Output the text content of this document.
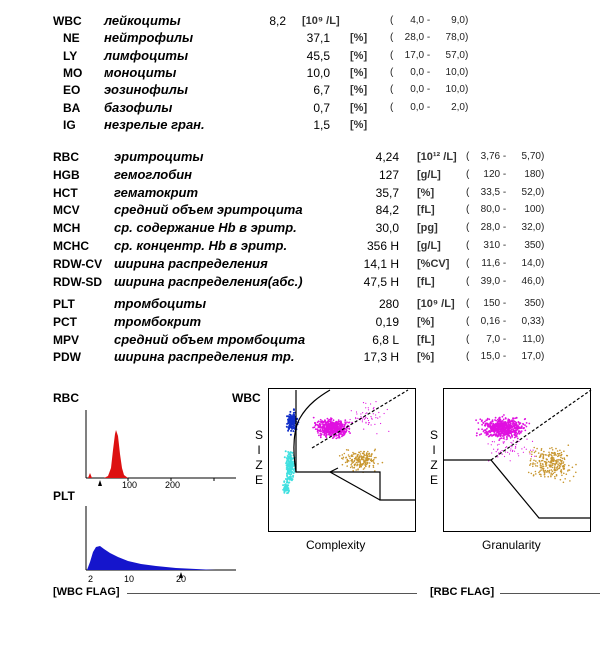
WBC лейкоциты	8,2 [10⁹ /L]	( 4,0 - 9,0)
NE нейтрофилы	37,1 [%] ( 28,0 - 78,0)
LY лимфоциты	45,5 [%] ( 17,0 - 57,0)
MO моноциты	10,0 [%] ( 0,0 - 10,0)
EO эозинофилы	6,7 [%] ( 0,0 - 10,0)
BA базофилы	0,7 [%] ( 0,0 - 2,0)
IG незрелые гран.	1,5 [%]
RBC	эритроциты	4,24 [10¹² /L] ( 3,76 - 5,70)
HGB	гемоглобин	127 [g/L]	( 120 - 180)
HCT	гематокрит	35,7 [%]	( 33,5 - 52,0)
MCV	средний объем эритроцита	84,2 [fL]	( 80,0 - 100)
MCH	ср. содержание Hb в эритр.	30,0 [pg]	( 28,0 - 32,0)
MCHC ср. концентр. Hb в эритр.	356 H [g/L]	( 310 - 350)
RDW-CV ширина распределения	14,1 H [%CV] ( 11,6 - 14,0)
RDW-SD ширина распределения(абс.)	47,5 H [fL]	( 39,0 - 46,0)
PLT	тромбоциты	280 [10⁹ /L] ( 150 - 350)
PCT	тромбокрит	0,19 [%]	( 0,16 - 0,33)
MPV	средний объем тромбоцита	6,8 L [fL]	( 7,0 - 11,0)
PDW	ширина распределения тр.	17,3 H [%]	( 15,0 - 17,0)
RBC
100	200
PLT
2	10	20
WBC
S
I
Z
E
Complexity
S
I
Z
E
Granularity
[WBC FLAG]	[RBC FLAG]
